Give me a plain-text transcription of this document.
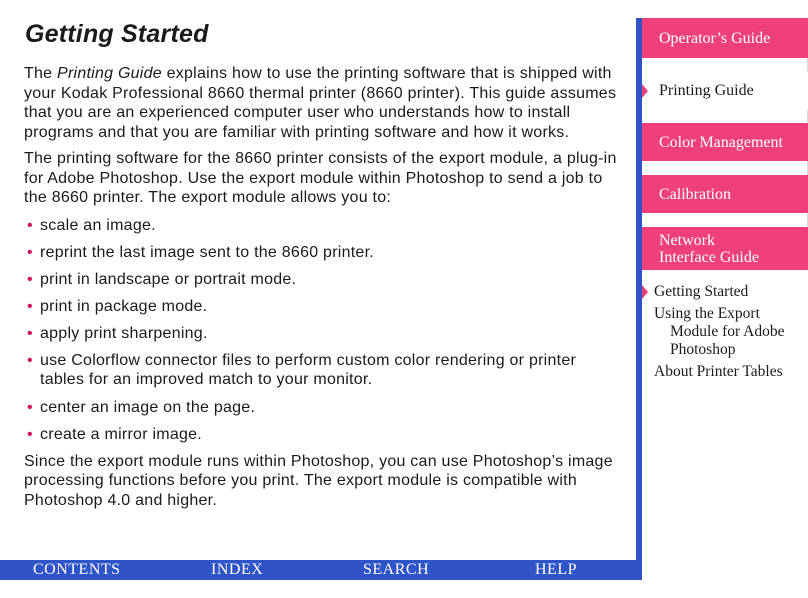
Getting Started

The Printing Guide explains how to use the printing software that is shipped with your Kodak Professional 8660 thermal printer (8660 printer). This guide assumes that you are an experienced computer user who understands how to install programs and that you are familiar with printing software and how it works.

The printing software for the 8660 printer consists of the export module, a plug-in for Adobe Photoshop. Use the export module within Photoshop to send a job to the 8660 printer. The export module allows you to:

• scale an image.
• reprint the last image sent to the 8660 printer.
• print in landscape or portrait mode.
• print in package mode.
• apply print sharpening.
• use Colorflow connector files to perform custom color rendering or printer tables for an improved match to your monitor.
• center an image on the page.
• create a mirror image.

Since the export module runs within Photoshop, you can use Photoshop’s image processing functions before you print. The export module is compatible with Photoshop 4.0 and higher.

Operator’s Guide
Printing Guide
Color Management
Calibration
Network
Interface Guide
Getting Started
Using the Export
Module for Adobe
Photoshop
About Printer Tables
CONTENTS	INDEX	SEARCH	HELP
